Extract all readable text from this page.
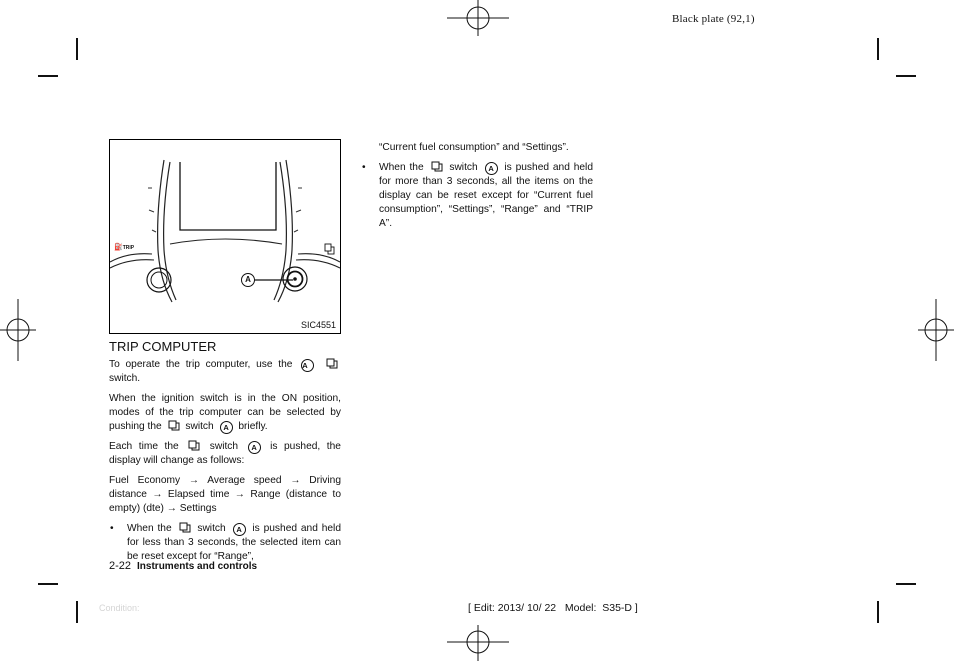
Black plate (92,1)
A
⛽TRIP
SIC4551
TRIP COMPUTER

To operate the trip computer, use the A

switch.

When the ignition switch is in the ON position, modes of the trip computer can be selected by pushing the switch A briefly.

Each time the	switch A is pushed, the display will change as follows:

Fuel Economy → Average speed → Driving distance → Elapsed time → Range (distance to empty) (dte) → Settings

• When the	switch A is pushed and held for less than 3 seconds, the selected item can be reset except for “Range”,

“Current fuel consumption” and “Settings”.

• When the	switch A is pushed and held for more than 3 seconds, all the items on the display can be reset except for “Current fuel consumption”, “Settings”, “Range” and “TRIP A”.
2-22 Instruments and controls
Condition:	[ Edit: 2013/ 10/ 22   Model:  S35-D ]
